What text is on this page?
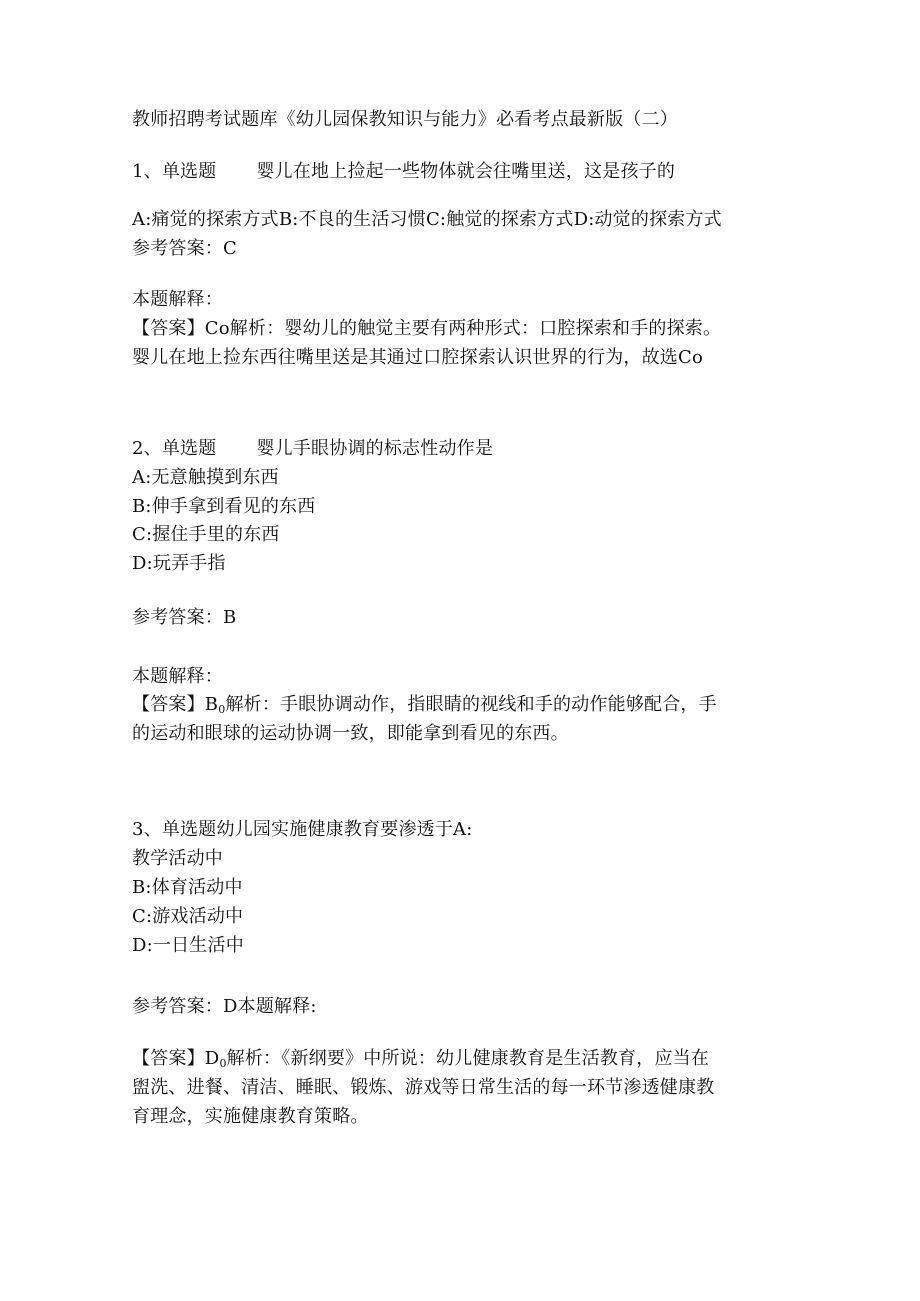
教师招聘考试题库《幼儿园保教知识与能力》必看考点最新版（二）
1、单选题 婴儿在地上捡起一些物体就会往嘴里送，这是孩子的
A:痛觉的探索方式B:不良的生活习惯C:触觉的探索方式D:动觉的探索方式
参考答案：C
本题解释：
【答案】Co解析：婴幼儿的触觉主要有两种形式：口腔探索和手的探索。
婴儿在地上捡东西往嘴里送是其通过口腔探索认识世界的行为，故选Co
2、单选题 婴儿手眼协调的标志性动作是
A:无意触摸到东西
B:伸手拿到看见的东西
C:握住手里的东西
D:玩弄手指
参考答案：B
本题解释：
【答案】$B_0$解析：手眼协调动作，指眼睛的视线和手的动作能够配合，手
的运动和眼球的运动协调一致，即能拿到看见的东西。
3、单选题幼儿园实施健康教育要渗透于A:
教学活动中
B:体育活动中
C:游戏活动中
D:一日生活中
参考答案：D本题解释:
【答案】$D_0$解析：《新纲要》中所说：幼儿健康教育是生活教育，应当在
盥洗、进餐、清洁、睡眠、锻炼、游戏等日常生活的每一环节渗透健康教
育理念，实施健康教育策略。
